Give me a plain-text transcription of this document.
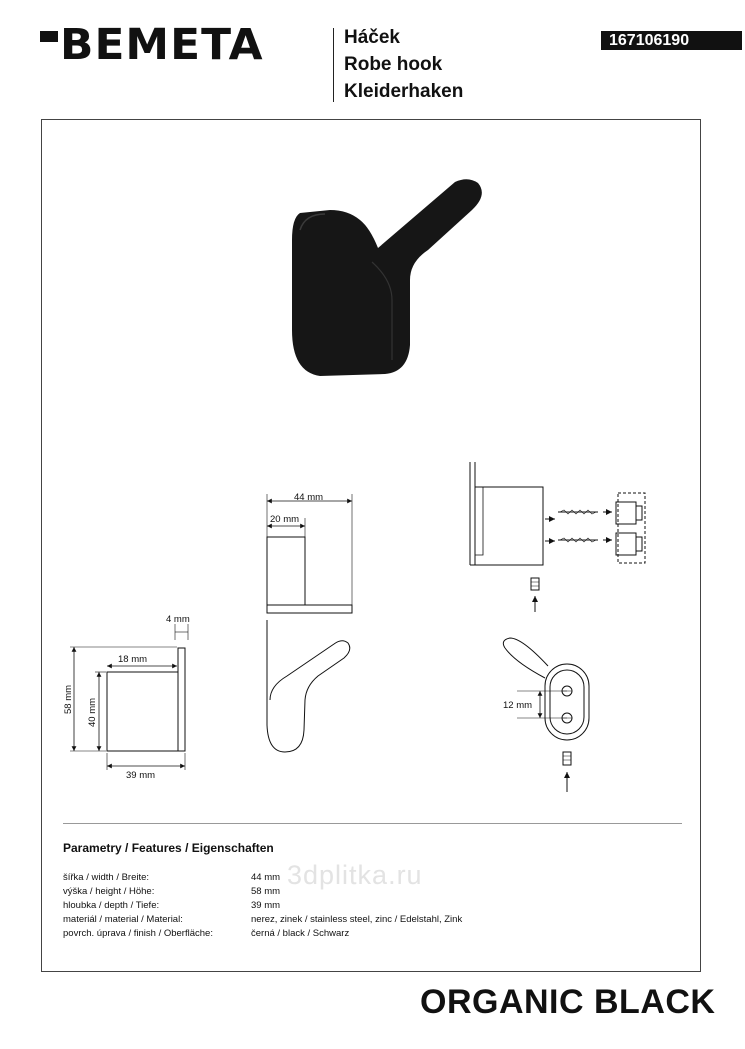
BEMETA	Háček
Robe hook
Kleiderhaken
167106190
44 mm
20 mm
4 mm
18 mm
39 mm
58 mm 40 mm	12 mm
Parametry / Features / Eigenschaften
3dplitka.ru
šířka / width / Breite:	44 mm
výška / height / Höhe:	58 mm
hloubka / depth / Tiefe:	39 mm
materiál / material / Material:	nerez, zinek / stainless steel, zinc / Edelstahl, Zink
povrch. úprava / finish / Oberfläche:	černá / black / Schwarz
ORGANIC BLACK
